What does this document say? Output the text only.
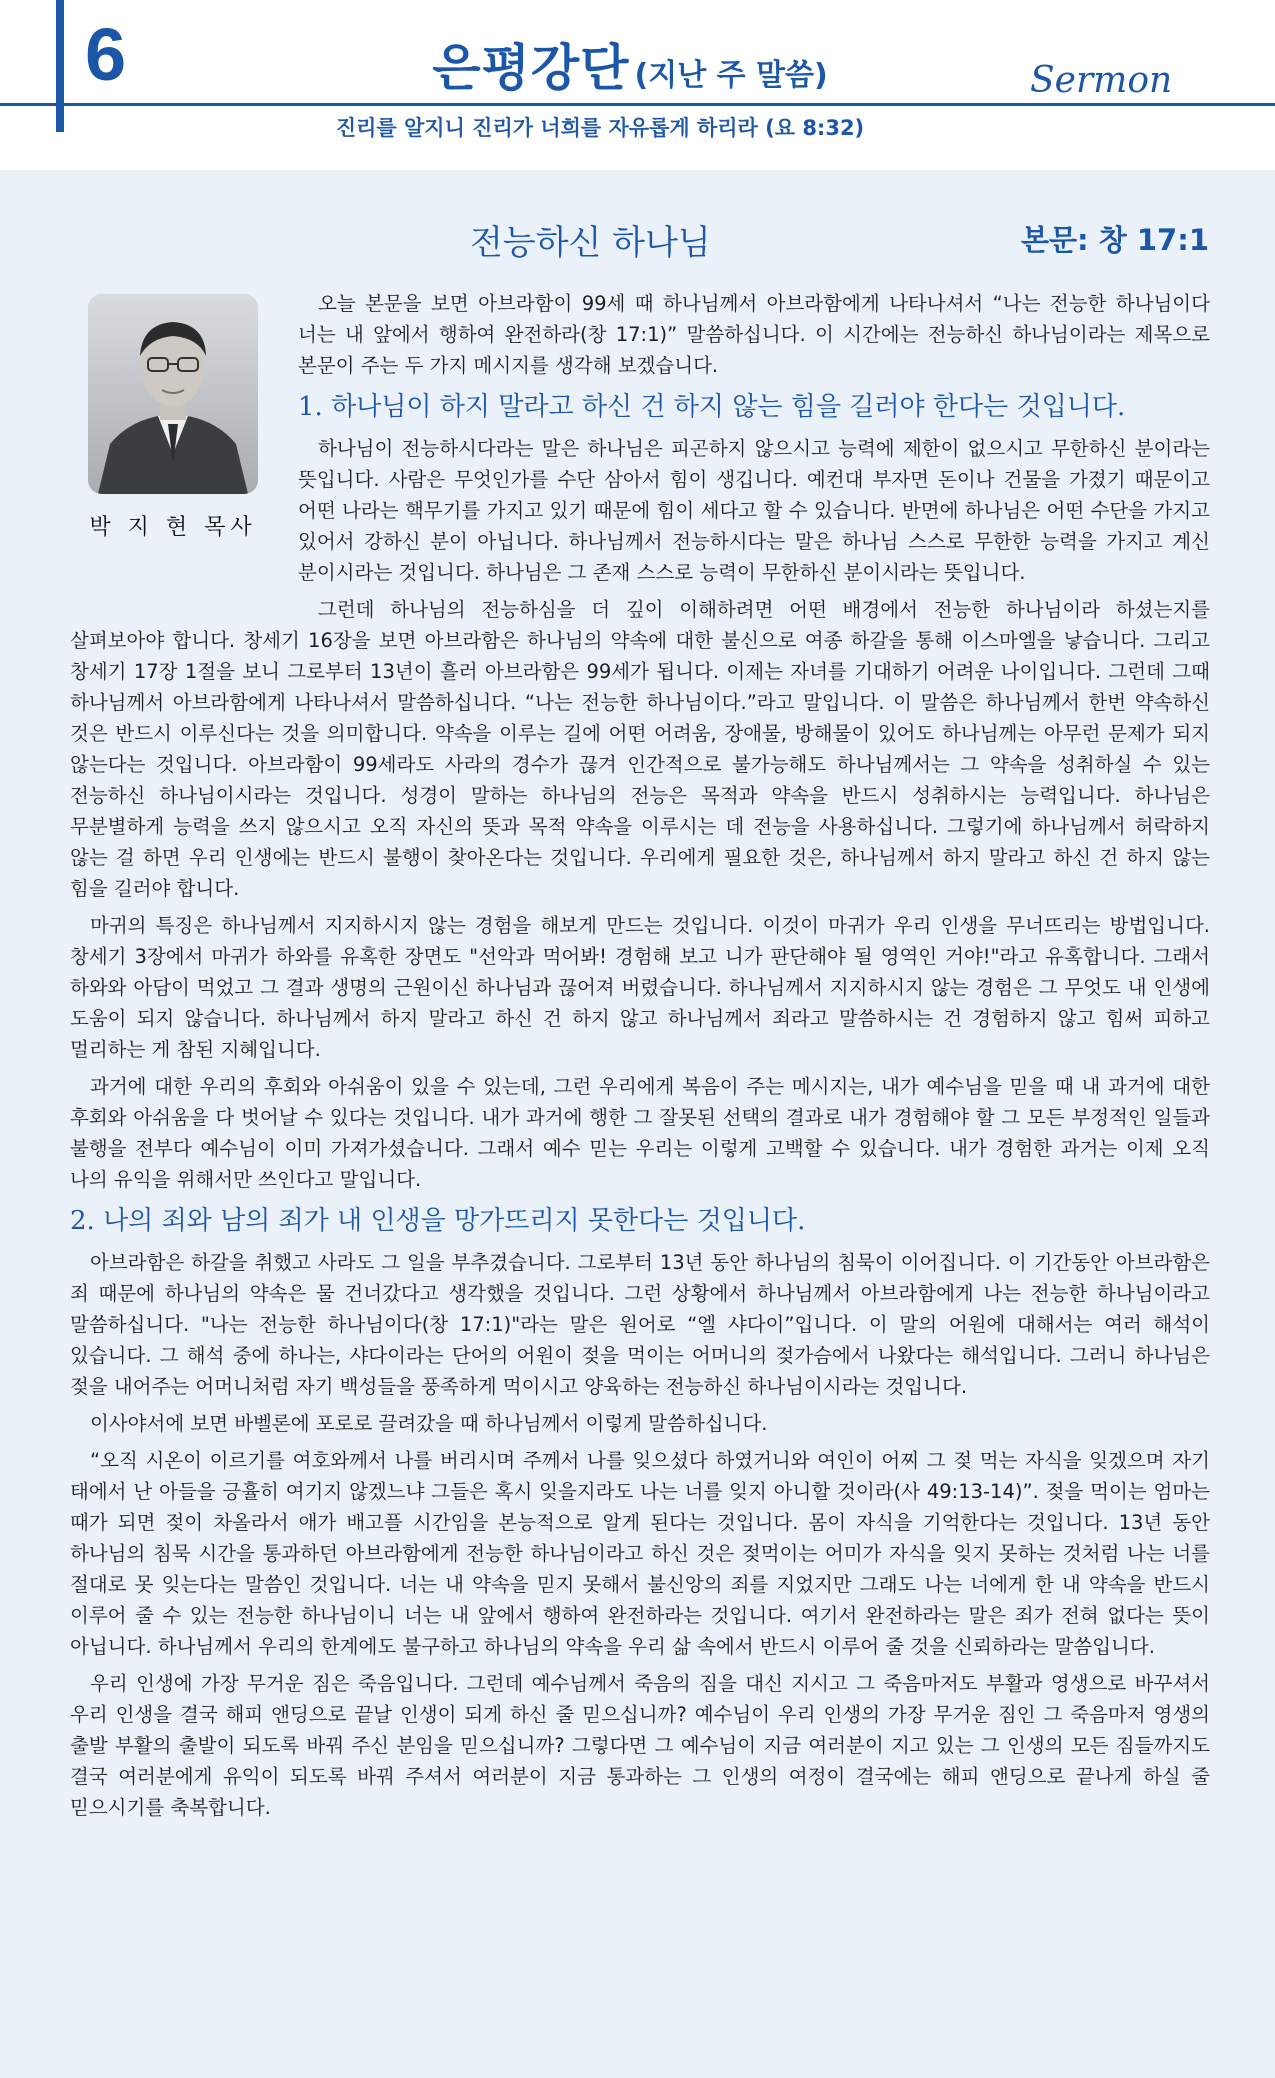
6	은평강단 (지난 주 말씀)	Sermon
진리를 알지니 진리가 너희를 자유롭게 하리라 (요 8:32)
전능하신 하나님	본문: 창 17:1
박 지 현 목사

오늘 본문을 보면 아브라함이 99세 때 하나님께서 아브라함에게 나타나셔서 “나는 전능한 하나님이다 너는 내 앞에서 행하여 완전하라(창 17:1)” 말씀하십니다. 이 시간에는 전능하신 하나님이라는 제목으로 본문이 주는 두 가지 메시지를 생각해 보겠습니다.

1. 하나님이 하지 말라고 하신 건 하지 않는 힘을 길러야 한다는 것입니다.

하나님이 전능하시다라는 말은 하나님은 피곤하지 않으시고 능력에 제한이 없으시고 무한하신 분이라는 뜻입니다. 사람은 무엇인가를 수단 삼아서 힘이 생깁니다. 예컨대 부자면 돈이나 건물을 가졌기 때문이고 어떤 나라는 핵무기를 가지고 있기 때문에 힘이 세다고 할 수 있습니다. 반면에 하나님은 어떤 수단을 가지고 있어서 강하신 분이 아닙니다. 하나님께서 전능하시다는 말은 하나님 스스로 무한한 능력을 가지고 계신 분이시라는 것입니다. 하나님은 그 존재 스스로 능력이 무한하신 분이시라는 뜻입니다.

그런데 하나님의 전능하심을 더 깊이 이해하려면 어떤 배경에서 전능한 하나님이라 하셨는지를 살펴보아야 합니다. 창세기 16장을 보면 아브라함은 하나님의 약속에 대한 불신으로 여종 하갈을 통해 이스마엘을 낳습니다. 그리고 창세기 17장 1절을 보니 그로부터 13년이 흘러 아브라함은 99세가 됩니다. 이제는 자녀를 기대하기 어려운 나이입니다. 그런데 그때 하나님께서 아브라함에게 나타나셔서 말씀하십니다. “나는 전능한 하나님이다.”라고 말입니다. 이 말씀은 하나님께서 한번 약속하신 것은 반드시 이루신다는 것을 의미합니다. 약속을 이루는 길에 어떤 어려움, 장애물, 방해물이 있어도 하나님께는 아무런 문제가 되지 않는다는 것입니다. 아브라함이 99세라도 사라의 경수가 끊겨 인간적으로 불가능해도 하나님께서는 그 약속을 성취하실 수 있는 전능하신 하나님이시라는 것입니다. 성경이 말하는 하나님의 전능은 목적과 약속을 반드시 성취하시는 능력입니다. 하나님은 무분별하게 능력을 쓰지 않으시고 오직 자신의 뜻과 목적 약속을 이루시는 데 전능을 사용하십니다. 그렇기에 하나님께서 허락하지 않는 걸 하면 우리 인생에는 반드시 불행이 찾아온다는 것입니다. 우리에게 필요한 것은, 하나님께서 하지 말라고 하신 건 하지 않는 힘을 길러야 합니다.

마귀의 특징은 하나님께서 지지하시지 않는 경험을 해보게 만드는 것입니다. 이것이 마귀가 우리 인생을 무너뜨리는 방법입니다. 창세기 3장에서 마귀가 하와를 유혹한 장면도 "선악과 먹어봐! 경험해 보고 니가 판단해야 될 영역인 거야!"라고 유혹합니다. 그래서 하와와 아담이 먹었고 그 결과 생명의 근원이신 하나님과 끊어져 버렸습니다. 하나님께서 지지하시지 않는 경험은 그 무엇도 내 인생에 도움이 되지 않습니다. 하나님께서 하지 말라고 하신 건 하지 않고 하나님께서 죄라고 말씀하시는 건 경험하지 않고 힘써 피하고 멀리하는 게 참된 지혜입니다.

과거에 대한 우리의 후회와 아쉬움이 있을 수 있는데, 그런 우리에게 복음이 주는 메시지는, 내가 예수님을 믿을 때 내 과거에 대한 후회와 아쉬움을 다 벗어날 수 있다는 것입니다. 내가 과거에 행한 그 잘못된 선택의 결과로 내가 경험해야 할 그 모든 부정적인 일들과 불행을 전부다 예수님이 이미 가져가셨습니다. 그래서 예수 믿는 우리는 이렇게 고백할 수 있습니다. 내가 경험한 과거는 이제 오직 나의 유익을 위해서만 쓰인다고 말입니다.

2. 나의 죄와 남의 죄가 내 인생을 망가뜨리지 못한다는 것입니다.

아브라함은 하갈을 취했고 사라도 그 일을 부추겼습니다. 그로부터 13년 동안 하나님의 침묵이 이어집니다. 이 기간동안 아브라함은 죄 때문에 하나님의 약속은 물 건너갔다고 생각했을 것입니다. 그런 상황에서 하나님께서 아브라함에게 나는 전능한 하나님이라고 말씀하십니다. "나는 전능한 하나님이다(창 17:1)"라는 말은 원어로 “엘 샤다이”입니다. 이 말의 어원에 대해서는 여러 해석이 있습니다. 그 해석 중에 하나는, 샤다이라는 단어의 어원이 젖을 먹이는 어머니의 젖가슴에서 나왔다는 해석입니다. 그러니 하나님은 젖을 내어주는 어머니처럼 자기 백성들을 풍족하게 먹이시고 양육하는 전능하신 하나님이시라는 것입니다.

이사야서에 보면 바벨론에 포로로 끌려갔을 때 하나님께서 이렇게 말씀하십니다.

“오직 시온이 이르기를 여호와께서 나를 버리시며 주께서 나를 잊으셨다 하였거니와 여인이 어찌 그 젖 먹는 자식을 잊겠으며 자기 태에서 난 아들을 긍휼히 여기지 않겠느냐 그들은 혹시 잊을지라도 나는 너를 잊지 아니할 것이라(사 49:13-14)”. 젖을 먹이는 엄마는 때가 되면 젖이 차올라서 애가 배고플 시간임을 본능적으로 알게 된다는 것입니다. 몸이 자식을 기억한다는 것입니다. 13년 동안 하나님의 침묵 시간을 통과하던 아브라함에게 전능한 하나님이라고 하신 것은 젖먹이는 어미가 자식을 잊지 못하는 것처럼 나는 너를 절대로 못 잊는다는 말씀인 것입니다. 너는 내 약속을 믿지 못해서 불신앙의 죄를 지었지만 그래도 나는 너에게 한 내 약속을 반드시 이루어 줄 수 있는 전능한 하나님이니 너는 내 앞에서 행하여 완전하라는 것입니다. 여기서 완전하라는 말은 죄가 전혀 없다는 뜻이 아닙니다. 하나님께서 우리의 한계에도 불구하고 하나님의 약속을 우리 삶 속에서 반드시 이루어 줄 것을 신뢰하라는 말씀입니다.

우리 인생에 가장 무거운 짐은 죽음입니다. 그런데 예수님께서 죽음의 짐을 대신 지시고 그 죽음마저도 부활과 영생으로 바꾸셔서 우리 인생을 결국 해피 앤딩으로 끝날 인생이 되게 하신 줄 믿으십니까? 예수님이 우리 인생의 가장 무거운 짐인 그 죽음마저 영생의 출발 부활의 출발이 되도록 바꿔 주신 분임을 믿으십니까? 그렇다면 그 예수님이 지금 여러분이 지고 있는 그 인생의 모든 짐들까지도 결국 여러분에게 유익이 되도록 바꿔 주셔서 여러분이 지금 통과하는 그 인생의 여정이 결국에는 해피 앤딩으로 끝나게 하실 줄 믿으시기를 축복합니다.
